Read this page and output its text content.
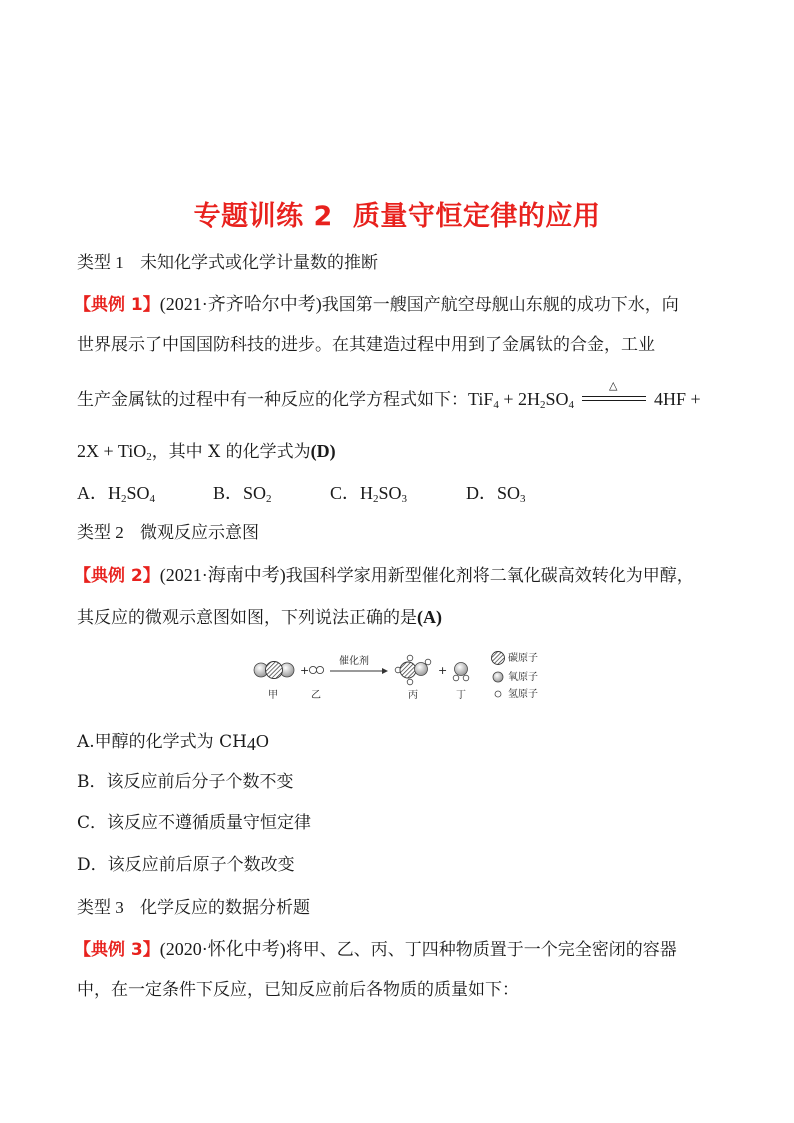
专题训练 2 质量守恒定律的应用
类型 1 未知化学式或化学计量数的推断
【典例 1】(2021·齐齐哈尔中考)我国第一艘国产航空母舰山东舰的成功下水，向
世界展示了中国国防科技的进步。在其建造过程中用到了金属钛的合金，工业
生产金属钛的过程中有一种反应的化学方程式如下：$TiF_4 + 2H_2SO_4$
△
4HF +
2X + TiO$_2$，其中 X 的化学式为(D)
A．$H_2SO_4$	B．$SO_2$	C．$H_2SO_3$	D．$SO_3$
类型 2 微观反应示意图
【典例 2】(2021·海南中考)我国科学家用新型催化剂将二氧化碳高效转化为甲醇，
其反应的微观示意图如图，下列说法正确的是(A)
+
催化剂
+
碳原子
氧原子
氢原子
甲	乙	丙	丁
A.甲醇的化学式为 $CH_4O$
B．该反应前后分子个数不变
C．该反应不遵循质量守恒定律
D．该反应前后原子个数改变
类型 3 化学反应的数据分析题
【典例 3】(2020·怀化中考)将甲、乙、丙、丁四种物质置于一个完全密闭的容器
中，在一定条件下反应，已知反应前后各物质的质量如下：
